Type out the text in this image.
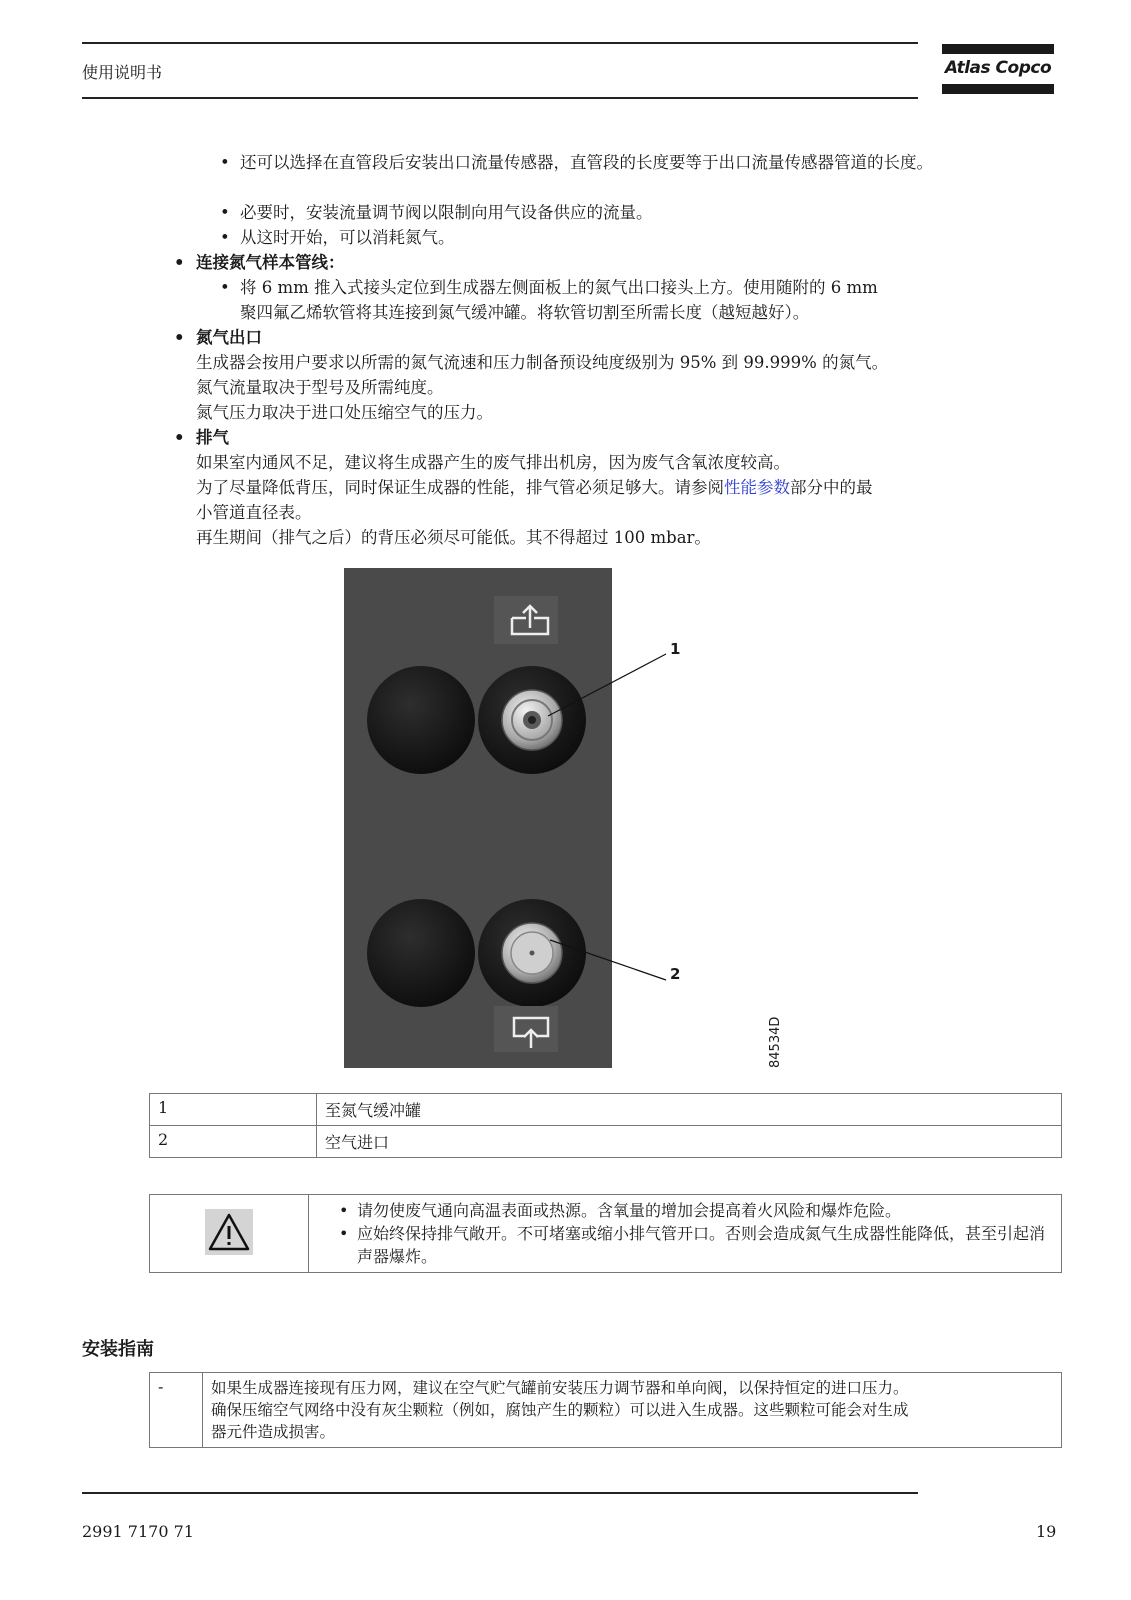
使用说明书	Atlas Copco
• 还可以选择在直管段后安装出口流量传感器，直管段的长度要等于出口流量传感器管道的长度。
• 必要时，安装流量调节阀以限制向用气设备供应的流量。
• 从这时开始，可以消耗氮气。
• 连接氮气样本管线：
• 将 6 mm 推入式接头定位到生成器左侧面板上的氮气出口接头上方。使用随附的 6 mm
聚四氟乙烯软管将其连接到氮气缓冲罐。将软管切割至所需长度（越短越好）。
• 氮气出口
生成器会按用户要求以所需的氮气流速和压力制备预设纯度级别为 95% 到 99.999% 的氮气。
氮气流量取决于型号及所需纯度。
氮气压力取决于进口处压缩空气的压力。
• 排气
如果室内通风不足，建议将生成器产生的废气排出机房，因为废气含氧浓度较高。
为了尽量降低背压，同时保证生成器的性能，排气管必须足够大。请参阅性能参数部分中的最
小管道直径表。
再生期间（排气之后）的背压必须尽可能低。其不得超过 100 mbar。
1
2
84534D
1	至氮气缓冲罐
2	空气进口

• 请勿使废气通向高温表面或热源。含氧量的增加会提高着火风险和爆炸危险。
• 应始终保持排气敞开。不可堵塞或缩小排气管开口。否则会造成氮气生成器性能降低，甚至引起消声器爆炸。
安装指南
-	如果生成器连接现有压力网，建议在空气贮气罐前安装压力调节器和单向阀，以保持恒定的进口压力。
确保压缩空气网络中没有灰尘颗粒（例如，腐蚀产生的颗粒）可以进入生成器。这些颗粒可能会对生成
器元件造成损害。
2991 7170 71	19
